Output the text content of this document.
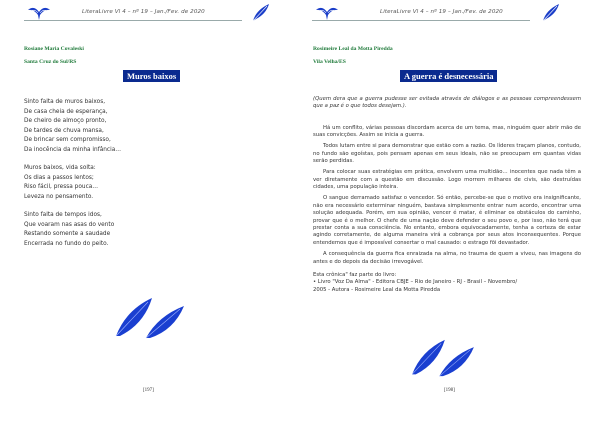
LiteraLivre Vl 4 – nº 19 – Jan./Fev. de 2020
Rosiane Maria Covaleski
Santa Cruz do Sul/RS
Muros baixos
Sinto falta de muros baixos,
De casa cheia de esperança,
De cheiro de almoço pronto,
De tardes de chuva mansa,
De brincar sem compromisso,
Da inocência da minha infância…
Muros baixos, vida solta:
Os dias a passos lentos;
Riso fácil, pressa pouca…
Leveza no pensamento.
Sinto falta de tempos idos,
Que voaram nas asas do vento
Restando somente a saudade
Encerrada no fundo do peito.
[197]
LiteraLivre Vl 4 – nº 19 – Jan./Fev. de 2020
Rosimeire Leal da Motta Piredda
Vila Velha/ES
A guerra é desnecessária

(Quem dera que a guerra pudesse ser evitada através de diálogos e as pessoas compreendessem que a paz é o que todos desejam.).

Há um conflito, várias pessoas discordam acerca de um tema, mas, ninguém quer abrir mão de suas convicções. Assim se inicia a guerra.

Todos lutam entre si para demonstrar que estão com a razão. Os líderes traçam planos, contudo, no fundo são egoístas, pois pensam apenas em seus ideais, não se preocupam em quantas vidas serão perdidas.

Para colocar suas estratégias em prática, envolvem uma multidão… inocentes que nada têm a ver diretamente com a questão em discussão. Logo morrem milhares de civis, são destruídas cidades, uma população inteira.

O sangue derramado satisfaz o vencedor. Só então, percebe-se que o motivo era insignificante, não era necessário exterminar ninguém, bastava simplesmente entrar num acordo, encontrar uma solução adequada. Porém, em sua opinião, vencer é matar, é eliminar os obstáculos do caminho, provar que é o melhor. O chefe de uma nação deve defender o seu povo e, por isso, não terá que prestar conta a sua consciência. No entanto, embora equivocadamente, tenha a certeza de estar agindo corretamente, de alguma maneira virá a cobrança por seus atos inconsequentes. Porque entendemos que é impossível consertar o mal causado: o estrago fõi devastador.

A consequência da guerra fica enraizada na alma, no trauma de quem a viveu, nas imagens do antes e do depois da decisão irrevogável.

Esta crônica" faz parte do livro:

• Livro "Voz Da Alma" - Editora CBJE – Rio de Janeiro - RJ - Brasil – Novembro/

2005 - Autora - Rosimeire Leal da Motta Piredda

[198]
